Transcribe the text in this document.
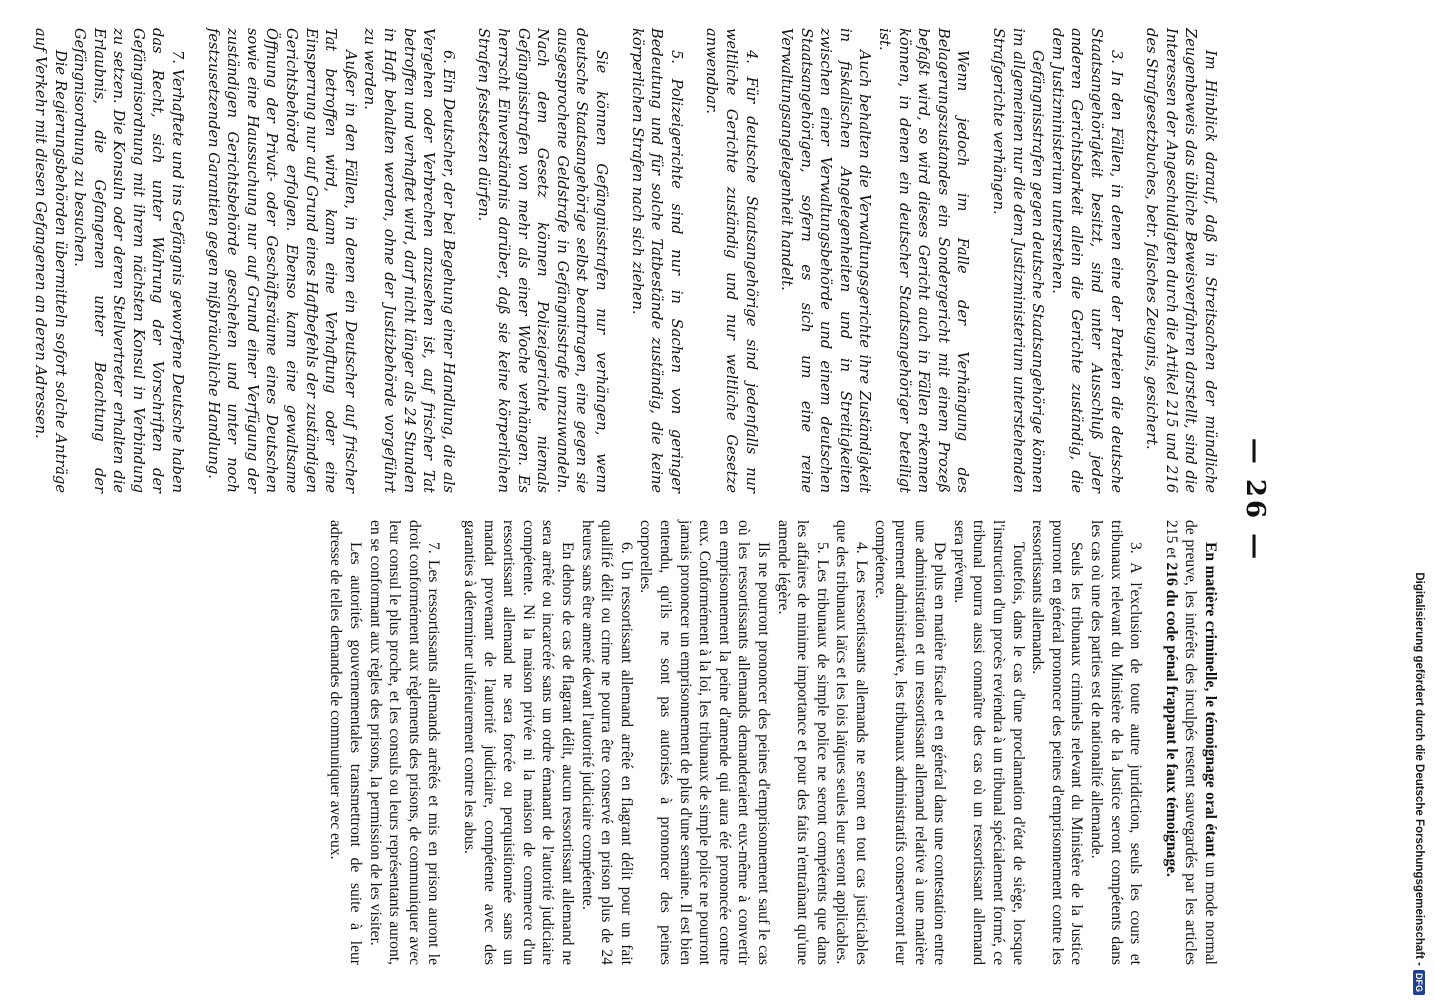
— 26 —

Im Hinblick darauf, daß in Streitsachen der mündliche Zeugenbeweis das übliche Beweisverfahren darstellt, sind die Interessen der Angeschuldigten durch die Artikel 215 und 216 des Strafgesetzbuches, betr. falsches Zeugnis, gesichert.

3. In den Fällen, in denen eine der Parteien die deutsche Staatsangehörigkeit besitzt, sind unter Ausschluß jeder anderen Gerichtsbarkeit allein die Gerichte zuständig, die dem Justizministerium unterstehen.

Gefängnisstrafen gegen deutsche Staatsangehörige können im allgemeinen nur die dem Justizministerium unterstehenden Strafgerichte verhängen.

Wenn jedoch im Falle der Verhängung des Belagerungszustandes ein Sondergericht mit einem Prozeß befaßt wird, so wird dieses Gericht auch in Fällen erkennen können, in denen ein deutscher Staatsangehöriger beteiligt ist.

Auch behalten die Verwaltungsgerichte ihre Zuständigkeit in fiskalischen Angelegenheiten und in Streitigkeiten zwischen einer Verwaltungsbehörde und einem deutschen Staatsangehörigen, sofern es sich um eine reine Verwaltungsangelegenheit handelt.

4. Für deutsche Staatsangehörige sind jedenfalls nur weltliche Gerichte zuständig und nur weltliche Gesetze anwendbar.

5. Polizeigerichte sind nur in Sachen von geringer Bedeutung und für solche Tatbestände zuständig, die keine körperlichen Strafen nach sich ziehen.

Sie können Gefängnisstrafen nur verhängen, wenn deutsche Staatsangehörige selbst beantragen, eine gegen sie ausgesprochene Geldstrafe in Gefängnisstrafe umzuwandeln. Nach dem Gesetz können Polizeigerichte niemals Gefängnisstrafen von mehr als einer Woche verhängen. Es herrscht Einverständnis darüber, daß sie keine körperlichen Strafen festsetzen dürfen.

6. Ein Deutscher, der bei Begehung einer Handlung, die als Vergehen oder Verbrechen anzusehen ist, auf frischer Tat betroffen und verhaftet wird, darf nicht länger als 24 Stunden in Haft behalten werden, ohne der Justizbehörde vorgeführt zu werden.

Außer in den Fällen, in denen ein Deutscher auf frischer Tat betroffen wird, kann eine Verhaftung oder eine Einsperrung nur auf Grund eines Haftbefehls der zuständigen Gerichtsbehörde erfolgen. Ebenso kann eine gewaltsame Öffnung der Privat- oder Geschäftsräume eines Deutschen sowie eine Haussuchung nur auf Grund einer Verfügung der zuständigen Gerichtsbehörde geschehen und unter noch festzusetzenden Garantien gegen mißbräuchliche Handlung.

7. Verhaftete und ins Gefängnis geworfene Deutsche haben das Recht, sich unter Wahrung der Vorschriften der Gefängnisordnung mit ihrem nächsten Konsul in Verbindung zu setzen. Die Konsuln oder deren Stellvertreter erhalten die Erlaubnis, die Gefangenen unter Beachtung der Gefängnisordnung zu besuchen.

Die Regierungsbehörden übermitteln sofort solche Anträge auf Verkehr mit diesen Gefangenen an deren Adressen.

En matière criminelle, le témoignage oral étant un mode normal de preuve, les intérêts des inculpés restent sauvegardés par les articles 215 et 216 du code pénal frappant le faux témoignage.

3. A l'exclusion de toute autre juridiction, seuls les cours et tribunaux relevant du Ministère de la Justice seront compétents dans les cas où une des parties est de nationalité allemande.

Seuls les tribunaux criminels relevant du Ministère de la Justice pourront en général prononcer des peines d'emprisonnement contre les ressortissants allemands.

Toutefois, dans le cas d'une proclamation d'état de siège, lorsque l'instruction d'un procès reviendra à un tribunal spécialement formé, ce tribunal pourra aussi connaître des cas où un ressortissant allemand sera prévenu.

De plus en matière fiscale et en général dans une contestation entre une administration et un ressortissant allemand relative à une matière purement administrative, les tribunaux administratifs conserveront leur compétence.

4. Les ressortissants allemands ne seront en tout cas justiciables que des tribunaux laïcs et les lois laïques seules leur seront applicables.

5. Les tribunaux de simple police ne seront compétents que dans les affaires de minime importance et pour des faits n'entraînant qu'une amende légère.

Ils ne pourront prononcer des peines d'emprisonnement sauf le cas où les ressortissants allemands demanderaient eux-même à convertir en emprisonnement la peine d'amende qui aura été prononcée contre eux. Conformément à la loi, les tribunaux de simple police ne pourront jamais prononcer un emprisonnement de plus d'une semaine. Il est bien entendu, qu'ils ne sont pas autorisés à prononcer des peines corporelles.

6. Un ressortissant allemand arrêté en flagrant délit pour un fait qualifié délit ou crime ne pourra être conservé en prison plus de 24 heures sans être amené devant l'autorité judiciaire compétente.

En dehors de cas de flagrant délit, aucun ressortissant allemand ne sera arrêté ou incarcéré sans un ordre émanant de l'autorité judiciaire compétente. Ni la maison privée ni la maison de commerce d'un ressortissant allemand ne sera forcée ou perquisitionnée sans un mandat provenant de l'autorité judiciaire, compétente avec des garanties à déterminer ultérieurement contre les abus.

7. Les ressortissants allemands arrêtés et mis en prison auront le droit conformément aux règlements des prisons, de communiquer avec leur consul le plus proche, et les consuls ou leurs représentants auront, en se conformant aux règles des prisons, la permission de les visiter.

Les autorités gouvernementales transmettront de suite à leur adresse de telles demandes de communiquer avec eux.	Digitalisierung gefördert durch die Deutsche Forschungsgemeinschaft -DFG
